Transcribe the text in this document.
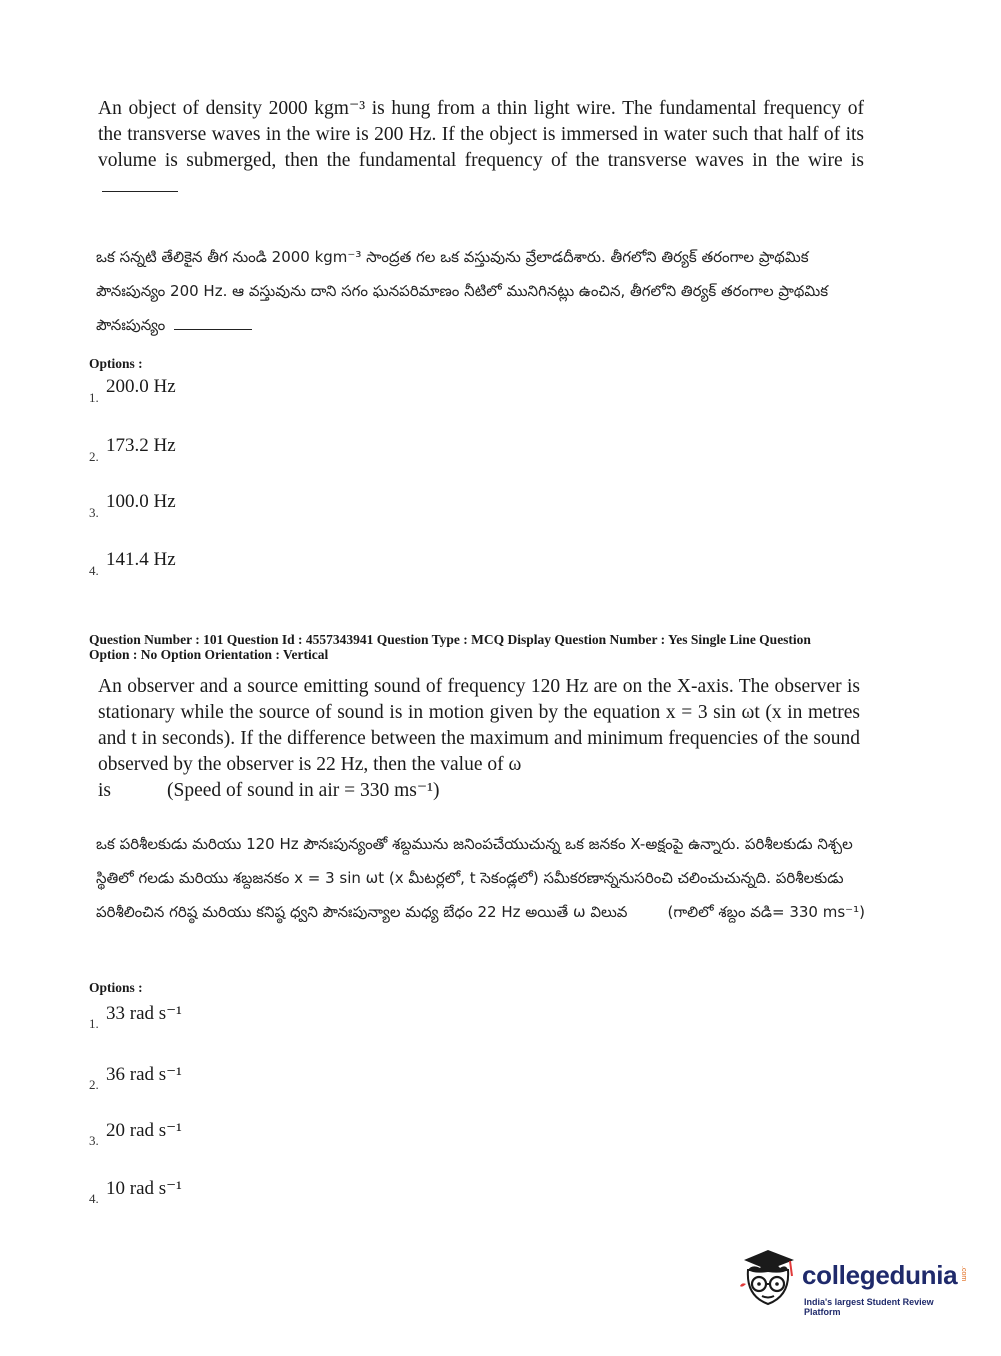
An object of density 2000 kgm⁻³ is hung from a thin light wire. The fundamental frequency of the transverse waves in the wire is 200 Hz. If the object is immersed in water such that half of its volume is submerged, then the fundamental frequency of the transverse waves in the wire is

ఒక సన్నటి తేలికైన తీగ నుండి 2000 kgm⁻³ సాంద్రత గల ఒక వస్తువును వ్రేలాడదీశారు. తీగలోని తిర్యక్ తరంగాల ప్రాథమిక పౌనఃపున్యం 200 Hz. ఆ వస్తువును దాని సగం ఘనపరిమాణం నీటిలో మునిగినట్లు ఉంచిన, తీగలోని తిర్యక్ తరంగాల ప్రాథమిక పౌనఃపున్యం

Options :
1.
200.0 Hz
2.
173.2 Hz
3.
100.0 Hz
4.
141.4 Hz

Question Number : 101 Question Id : 4557343941 Question Type : MCQ Display Question Number : Yes Single Line Question

Option : No Option Orientation : Vertical

An observer and a source emitting sound of frequency 120 Hz are on the X-axis. The observer is stationary while the source of sound is in motion given by the equation x = 3 sin ωt (x in metres and t in seconds). If the difference between the maximum and minimum frequencies of the sound observed by the observer is 22 Hz, then the value of ω

is	(Speed of sound in air = 330 ms⁻¹)

ఒక పరిశీలకుడు మరియు 120 Hz పౌనఃపున్యంతో శబ్దమును జనింపచేయుచున్న ఒక జనకం X-అక్షంపై ఉన్నారు. పరిశీలకుడు నిశ్చల స్థితిలో గలడు మరియు శబ్దజనకం x = 3 sin ωt (x మీటర్లలో, t సెకండ్లలో) సమీకరణాన్ననుసరించి చలించుచున్నది. పరిశీలకుడు పరిశీలించిన గరిష్ఠ మరియు కనిష్ఠ ధ్వని పౌనఃపున్యాల మధ్య బేధం 22 Hz అయితే ω విలువ	(గాలిలో శబ్దం వడి= 330 ms⁻¹)

Options :
1. 33 rad s⁻¹
2. 36 rad s⁻¹
3. 20 rad s⁻¹
4. 10 rad s⁻¹
collegedunia .com
India's largest Student Review Platform
